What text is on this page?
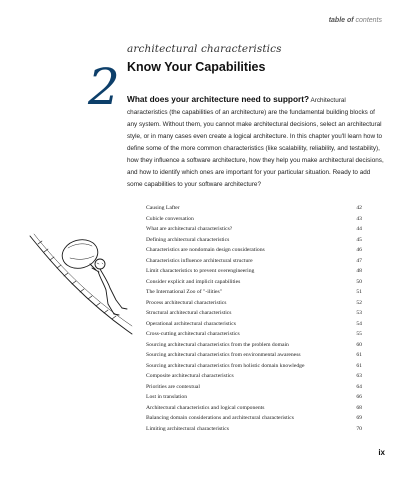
table of contents
2
architectural characteristics
Know Your Capabilities
What does your architecture need to support? Architectural characteristics (the capabilities of an architecture) are the fundamental building blocks of any system. Without them, you cannot make architectural decisions, select an architectural style, or in many cases even create a logical architecture. In this chapter you'll learn how to define some of the more common characteristics (like scalability, reliability, and testability), how they influence a software architecture, how they help you make architectural decisions, and how to identify which ones are important for your particular situation. Ready to add some capabilities to your software architecture?
Causing Lafter	42
Cubicle conversation	43
What are architectural characteristics?	44
Defining architectural characteristics	45
Characteristics are nondomain design considerations	46
Characteristics influence architectural structure	47
Limit characteristics to prevent overengineering	48
Consider explicit and implicit capabilities	50
The International Zoo of "-ilities"	51
Process architectural characteristics	52
Structural architectural characteristics	53
Operational architectural characteristics	54
Cross-cutting architectural characteristics	55
Sourcing architectural characteristics from the problem domain	60
Sourcing architectural characteristics from environmental awareness	61
Sourcing architectural characteristics from holistic domain knowledge	61
Composite architectural characteristics	63
Priorities are contextual	64
Lost in translation	66
Architectural characteristics and logical components	68
Balancing domain considerations and architectural characteristics	69
Limiting architectural characteristics	70
ix
